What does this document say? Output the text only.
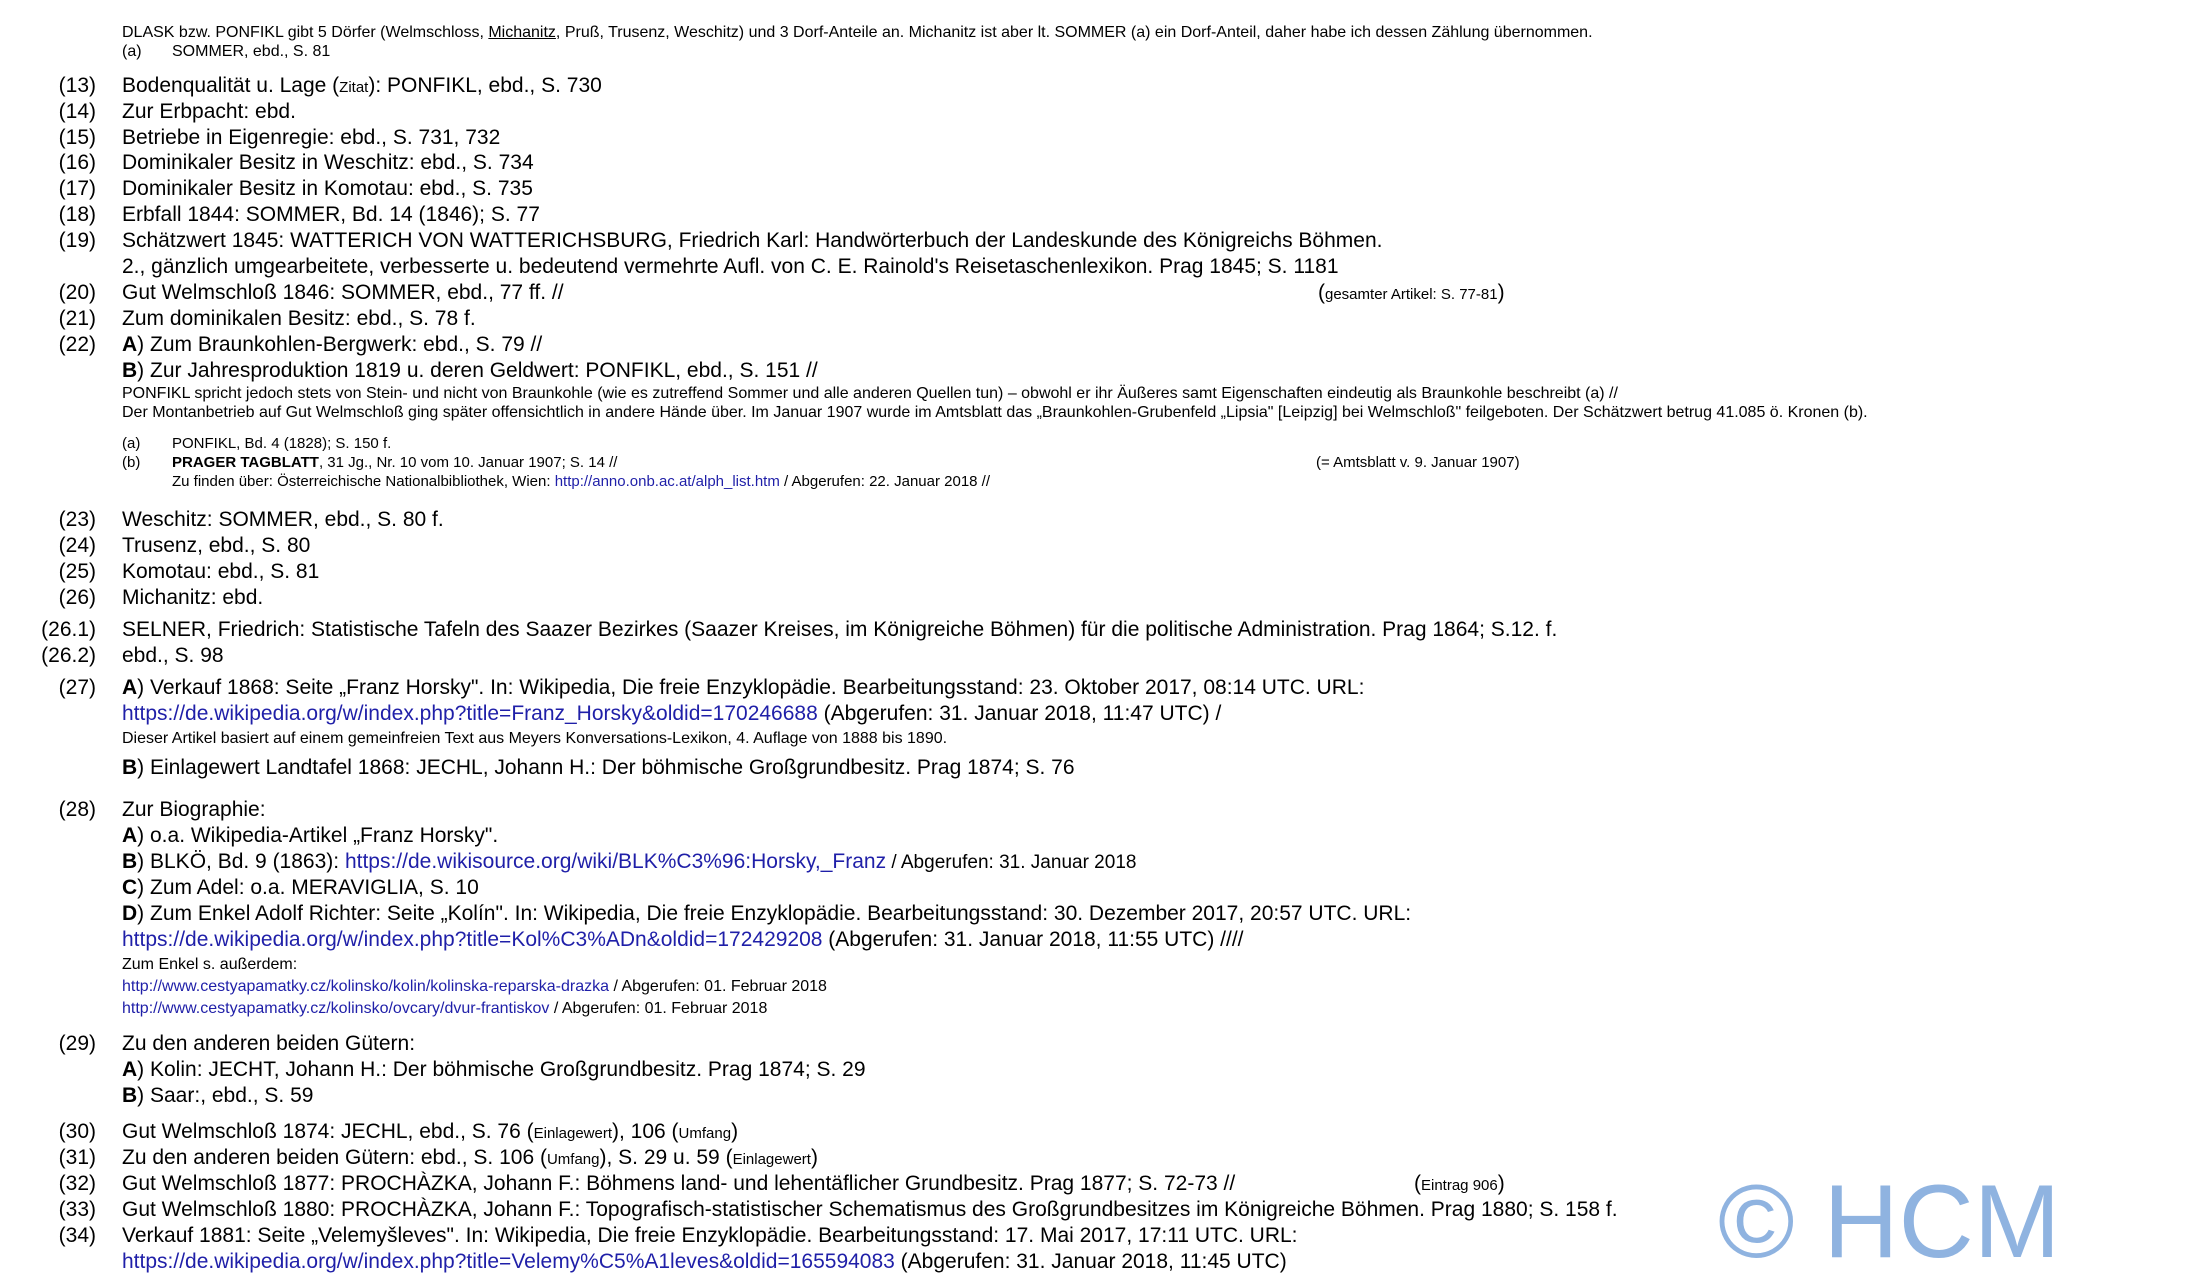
DLASK bzw. PONFIKL gibt 5 Dörfer (Welmschloss, Michanitz, Pruß, Trusenz, Weschitz) und 3 Dorf-Anteile an. Michanitz ist aber lt. SOMMER (a) ein Dorf-Anteil, daher habe ich dessen Zählung übernommen.
(a) SOMMER, ebd., S. 81
(13) Bodenqualität u. Lage (Zitat): PONFIKL, ebd., S. 730
(14) Zur Erbpacht: ebd.
(15) Betriebe in Eigenregie: ebd., S. 731, 732
(16) Dominikaler Besitz in Weschitz: ebd., S. 734
(17) Dominikaler Besitz in Komotau: ebd., S. 735
(18) Erbfall 1844: SOMMER, Bd. 14 (1846); S. 77
(19) Schätzwert 1845: WATTERICH VON WATTERICHSBURG, Friedrich Karl: Handwörterbuch der Landeskunde des Königreichs Böhmen.
2., gänzlich umgearbeitete, verbesserte u. bedeutend vermehrte Aufl. von C. E. Rainold's Reisetaschenlexikon. Prag 1845; S. 1181
(20) Gut Welmschloß 1846: SOMMER, ebd., 77 ff. //	(gesamter Artikel: S. 77-81)
(21) Zum dominikalen Besitz: ebd., S. 78 f.
(22) A) Zum Braunkohlen-Bergwerk: ebd., S. 79 //
B) Zur Jahresproduktion 1819 u. deren Geldwert: PONFIKL, ebd., S. 151 //
PONFIKL spricht jedoch stets von Stein- und nicht von Braunkohle (wie es zutreffend Sommer und alle anderen Quellen tun) – obwohl er ihr Äußeres samt Eigenschaften eindeutig als Braunkohle beschreibt (a) //
Der Montanbetrieb auf Gut Welmschloß ging später offensichtlich in andere Hände über. Im Januar 1907 wurde im Amtsblatt das „Braunkohlen-Grubenfeld „Lipsia" [Leipzig] bei Welmschloß" feilgeboten. Der Schätzwert betrug 41.085 ö. Kronen (b).
(a) PONFIKL, Bd. 4 (1828); S. 150 f.
(b) PRAGER TAGBLATT, 31 Jg., Nr. 10 vom 10. Januar 1907; S. 14 //	(= Amtsblatt v. 9. Januar 1907)
Zu finden über: Österreichische Nationalbibliothek, Wien: http://anno.onb.ac.at/alph_list.htm / Abgerufen: 22. Januar 2018 //
(23) Weschitz: SOMMER, ebd., S. 80 f.
(24) Trusenz, ebd., S. 80
(25) Komotau: ebd., S. 81
(26) Michanitz: ebd.
(26.1) SELNER, Friedrich: Statistische Tafeln des Saazer Bezirkes (Saazer Kreises, im Königreiche Böhmen) für die politische Administration. Prag 1864; S.12. f.
(26.2) ebd., S. 98
(27) A) Verkauf 1868: Seite „Franz Horsky". In: Wikipedia, Die freie Enzyklopädie. Bearbeitungsstand: 23. Oktober 2017, 08:14 UTC. URL:
https://de.wikipedia.org/w/index.php?title=Franz_Horsky&oldid=170246688 (Abgerufen: 31. Januar 2018, 11:47 UTC) /
Dieser Artikel basiert auf einem gemeinfreien Text aus Meyers Konversations-Lexikon, 4. Auflage von 1888 bis 1890.
B) Einlagewert Landtafel 1868: JECHL, Johann H.: Der böhmische Großgrundbesitz. Prag 1874; S. 76
(28) Zur Biographie:
A) o.a. Wikipedia-Artikel „Franz Horsky".
B) BLKÖ, Bd. 9 (1863): https://de.wikisource.org/wiki/BLK%C3%96:Horsky,_Franz / Abgerufen: 31. Januar 2018
C) Zum Adel: o.a. MERAVIGLIA, S. 10
D) Zum Enkel Adolf Richter: Seite „Kolín". In: Wikipedia, Die freie Enzyklopädie. Bearbeitungsstand: 30. Dezember 2017, 20:57 UTC. URL:
https://de.wikipedia.org/w/index.php?title=Kol%C3%ADn&oldid=172429208 (Abgerufen: 31. Januar 2018, 11:55 UTC) ////
Zum Enkel s. außerdem:
http://www.cestyapamatky.cz/kolinsko/kolin/kolinska-reparska-drazka / Abgerufen: 01. Februar 2018
http://www.cestyapamatky.cz/kolinsko/ovcary/dvur-frantiskov / Abgerufen: 01. Februar 2018
(29) Zu den anderen beiden Gütern:
A) Kolin: JECHT, Johann H.: Der böhmische Großgrundbesitz. Prag 1874; S. 29
B) Saar:, ebd., S. 59
(30) Gut Welmschloß 1874: JECHL, ebd., S. 76 (Einlagewert), 106 (Umfang)
(31) Zu den anderen beiden Gütern: ebd., S. 106 (Umfang), S. 29 u. 59 (Einlagewert)
(32) Gut Welmschloß 1877: PROCHÀZKA, Johann F.: Böhmens land- und lehentäflicher Grundbesitz. Prag 1877; S. 72-73 //	(Eintrag 906)
(33) Gut Welmschloß 1880: PROCHÀZKA, Johann F.: Topografisch-statistischer Schematismus des Großgrundbesitzes im Königreiche Böhmen. Prag 1880; S. 158 f.
(34) Verkauf 1881: Seite „Velemyšleves". In: Wikipedia, Die freie Enzyklopädie. Bearbeitungsstand: 17. Mai 2017, 17:11 UTC. URL:
https://de.wikipedia.org/w/index.php?title=Velemy%C5%A1leves&oldid=165594083 (Abgerufen: 31. Januar 2018, 11:45 UTC)	© HCM
